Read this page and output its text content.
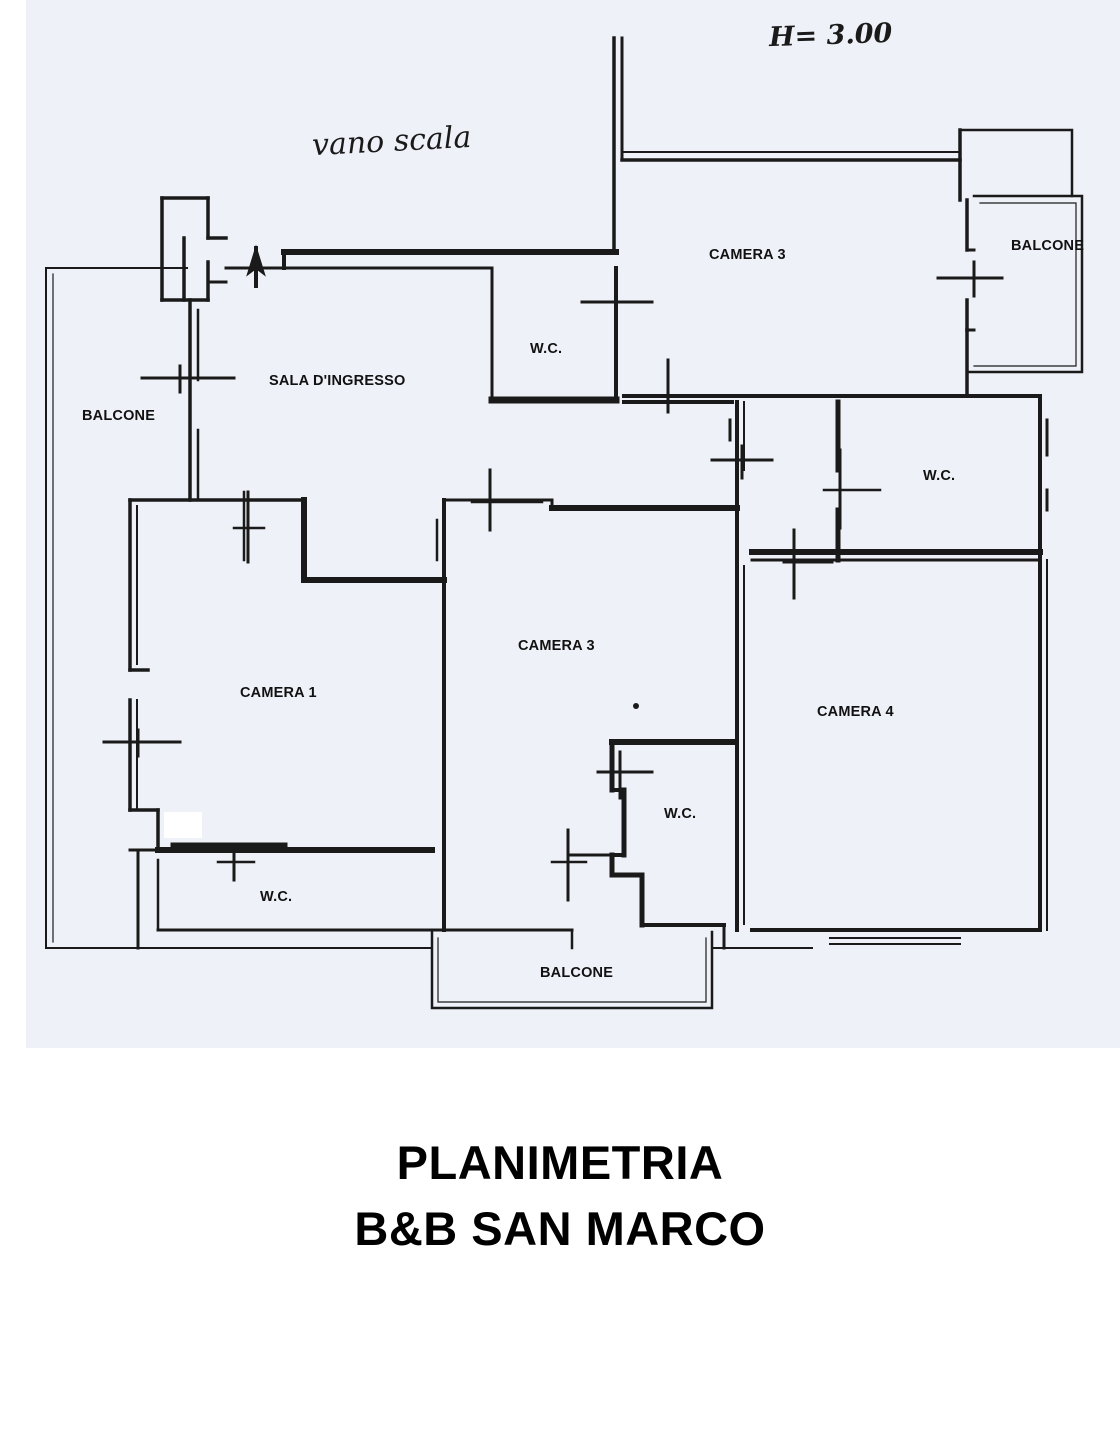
vano scala
H= 3.00
CAMERA 3
BALCONE
W.C.
SALA D'INGRESSO
BALCONE
W.C.
CAMERA 3
CAMERA 1
CAMERA 4
W.C.
W.C.
BALCONE
PLANIMETRIA
B&B SAN MARCO
